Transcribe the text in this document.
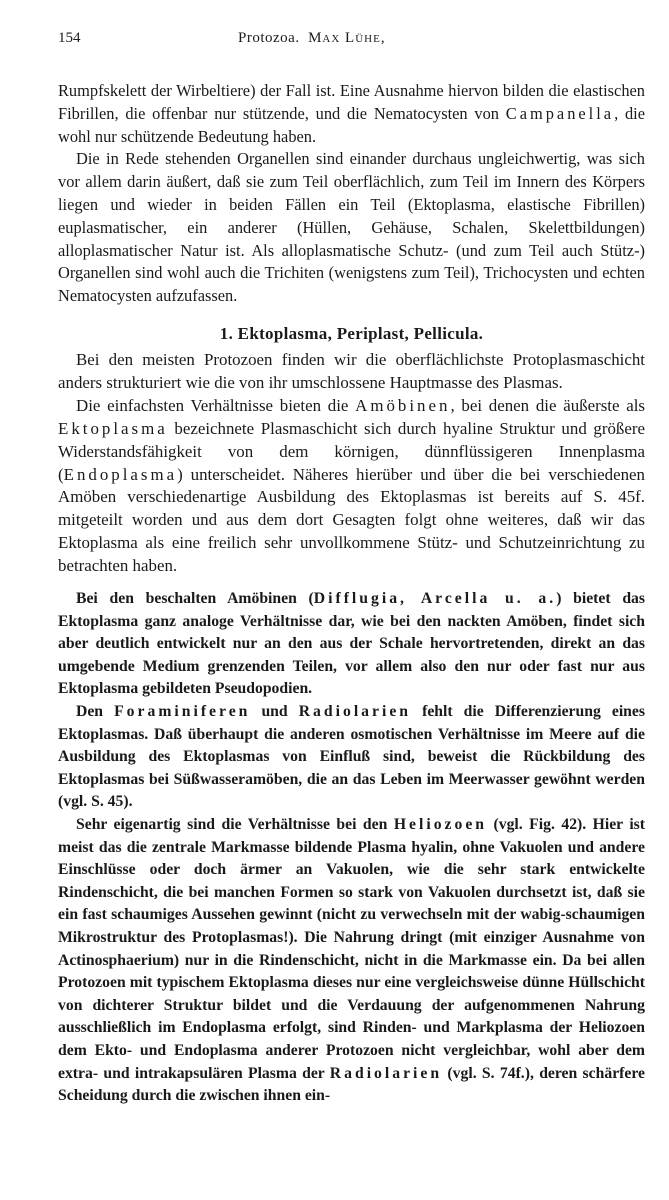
154	Protozoa. Max Lühe,

Rumpfskelett der Wirbeltiere) der Fall ist. Eine Ausnahme hiervon bilden die elastischen Fibrillen, die offenbar nur stützende, und die Nematocysten von Campanella, die wohl nur schützende Bedeutung haben.

Die in Rede stehenden Organellen sind einander durchaus ungleichwertig, was sich vor allem darin äußert, daß sie zum Teil oberflächlich, zum Teil im Innern des Körpers liegen und wieder in beiden Fällen ein Teil (Ektoplasma, elastische Fibrillen) euplasmatischer, ein anderer (Hüllen, Gehäuse, Schalen, Skelettbildungen) alloplasmatischer Natur ist. Als alloplasmatische Schutz- (und zum Teil auch Stütz-) Organellen sind wohl auch die Trichiten (wenigstens zum Teil), Trichocysten und echten Nematocysten aufzufassen.

1. Ektoplasma, Periplast, Pellicula.

Bei den meisten Protozoen finden wir die oberflächlichste Protoplasmaschicht anders strukturiert wie die von ihr umschlossene Hauptmasse des Plasmas.

Die einfachsten Verhältnisse bieten die Amöbinen, bei denen die äußerste als Ektoplasma bezeichnete Plasmaschicht sich durch hyaline Struktur und größere Widerstandsfähigkeit von dem körnigen, dünnflüssigeren Innenplasma (Endoplasma) unterscheidet. Näheres hierüber und über die bei verschiedenen Amöben verschiedenartige Ausbildung des Ektoplasmas ist bereits auf S. 45f. mitgeteilt worden und aus dem dort Gesagten folgt ohne weiteres, daß wir das Ektoplasma als eine freilich sehr unvollkommene Stütz- und Schutzeinrichtung zu betrachten haben.

Bei den beschalten Amöbinen (Difflugia, Arcella u. a.) bietet das Ektoplasma ganz analoge Verhältnisse dar, wie bei den nackten Amöben, findet sich aber deutlich entwickelt nur an den aus der Schale hervortretenden, direkt an das umgebende Medium grenzenden Teilen, vor allem also den nur oder fast nur aus Ektoplasma gebildeten Pseudopodien.

Den Foraminiferen und Radiolarien fehlt die Differenzierung eines Ektoplasmas. Daß überhaupt die anderen osmotischen Verhältnisse im Meere auf die Ausbildung des Ektoplasmas von Einfluß sind, beweist die Rückbildung des Ektoplasmas bei Süßwasseramöben, die an das Leben im Meerwasser gewöhnt werden (vgl. S. 45).

Sehr eigenartig sind die Verhältnisse bei den Heliozoen (vgl. Fig. 42). Hier ist meist das die zentrale Markmasse bildende Plasma hyalin, ohne Vakuolen und andere Einschlüsse oder doch ärmer an Vakuolen, wie die sehr stark entwickelte Rindenschicht, die bei manchen Formen so stark von Vakuolen durchsetzt ist, daß sie ein fast schaumiges Aussehen gewinnt (nicht zu verwechseln mit der wabig-schaumigen Mikrostruktur des Protoplasmas!). Die Nahrung dringt (mit einziger Ausnahme von Actinosphaerium) nur in die Rindenschicht, nicht in die Markmasse ein. Da bei allen Protozoen mit typischem Ektoplasma dieses nur eine vergleichsweise dünne Hüllschicht von dichterer Struktur bildet und die Verdauung der aufgenommenen Nahrung ausschließlich im Endoplasma erfolgt, sind Rinden- und Markplasma der Heliozoen dem Ekto- und Endoplasma anderer Protozoen nicht vergleichbar, wohl aber dem extra- und intrakapsulären Plasma der Radiolarien (vgl. S. 74f.), deren schärfere Scheidung durch die zwischen ihnen ein-
